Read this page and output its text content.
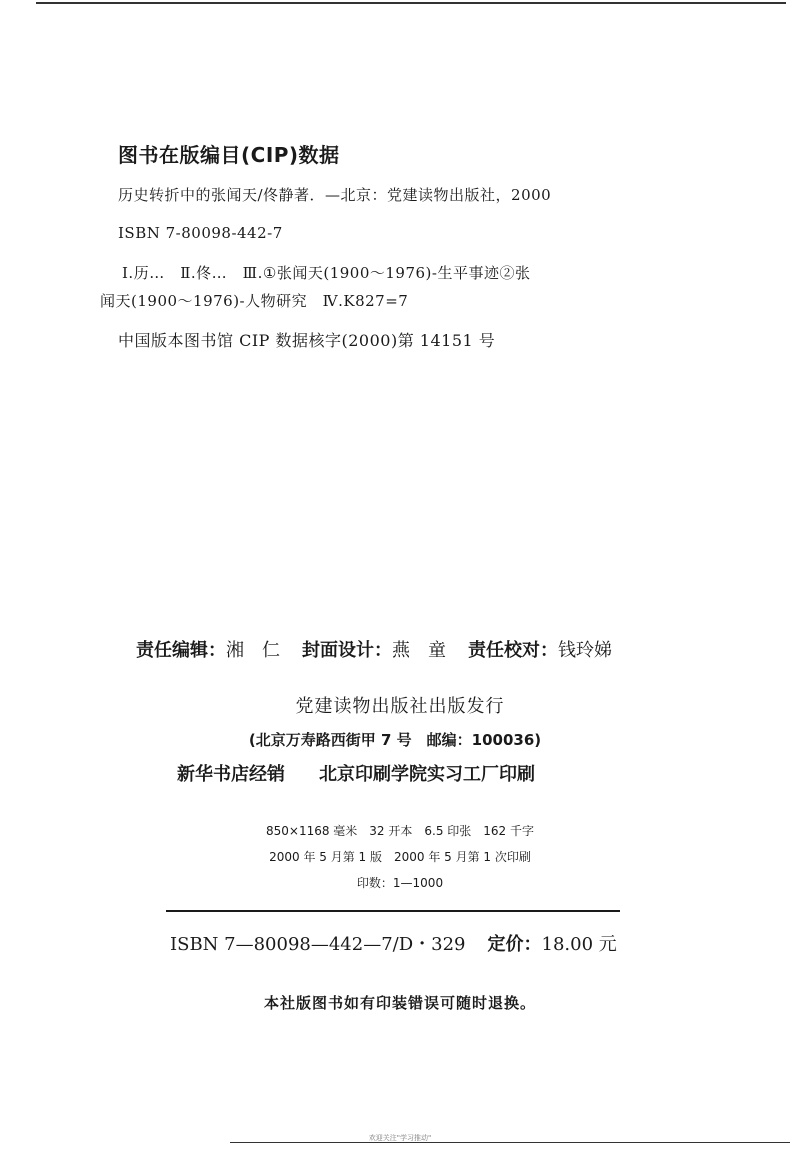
图书在版编目(CIP)数据
历史转折中的张闻天/佟静著．—北京：党建读物出版社，2000
ISBN 7-80098-442-7
Ⅰ.历…　Ⅱ.佟…　Ⅲ.①张闻天(1900～1976)-生平事迹②张
闻天(1900～1976)-人物研究　Ⅳ.K827=7
中国版本图书馆 CIP 数据核字(2000)第 14151 号
责任编辑：湘　仁 封面设计：燕　童 责任校对：钱玲娣
党建读物出版社出版发行
(北京万寿路西街甲 7 号　邮编：100036)
新华书店经销 北京印刷学院实习工厂印刷
850×1168 毫米　32 开本　6.5 印张　162 千字
2000 年 5 月第 1 版　2000 年 5 月第 1 次印刷
印数：1—1000
ISBN 7—80098—442—7/D・329 定价：18.00 元
本社版图书如有印装错误可随时退换。
欢迎关注"学习推动"
